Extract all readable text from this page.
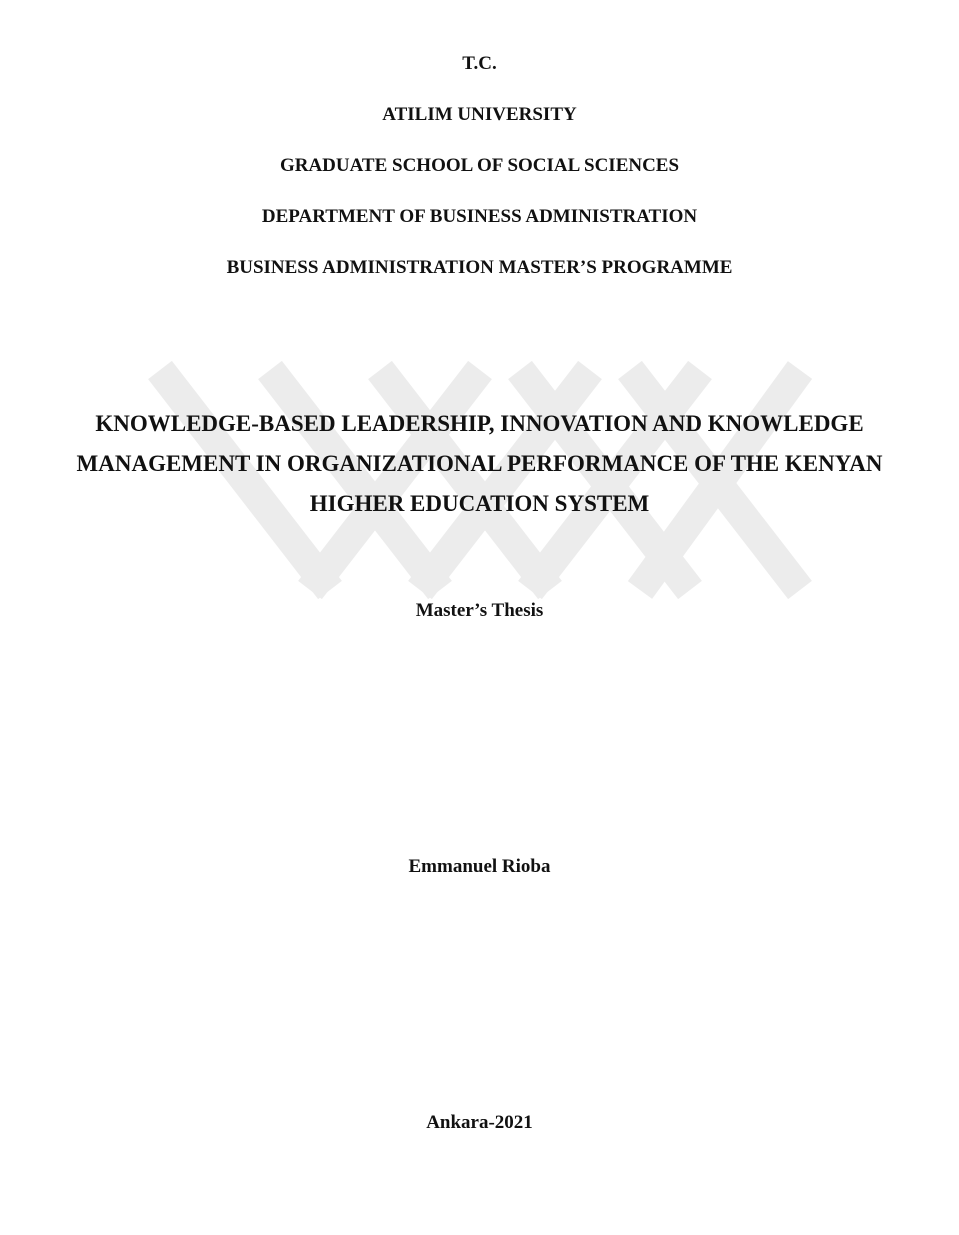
T.C.
ATILIM UNIVERSITY
GRADUATE SCHOOL OF SOCIAL SCIENCES
DEPARTMENT OF BUSINESS ADMINISTRATION
BUSINESS ADMINISTRATION MASTER’S PROGRAMME
KNOWLEDGE-BASED LEADERSHIP, INNOVATION AND KNOWLEDGE
MANAGEMENT IN ORGANIZATIONAL PERFORMANCE OF THE KENYAN
HIGHER EDUCATION SYSTEM
Master’s Thesis
Emmanuel Rioba
Ankara-2021
